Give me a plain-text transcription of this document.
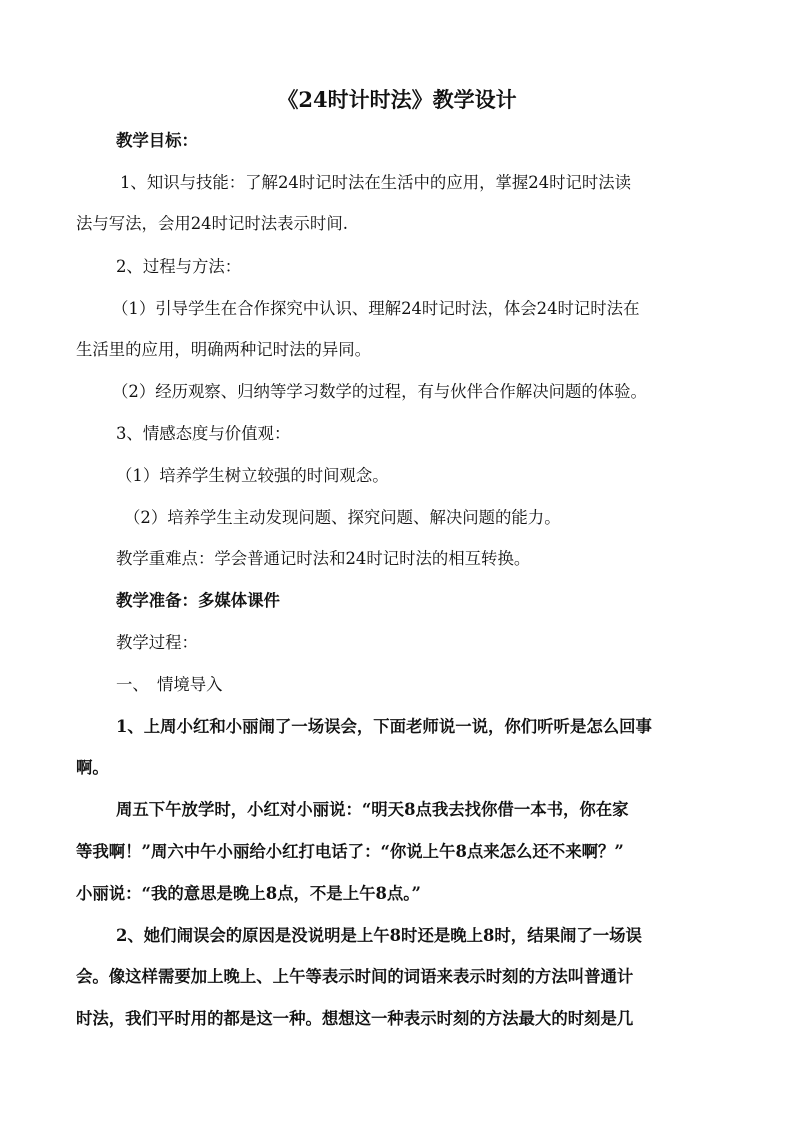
《24时计时法》教学设计

教学目标：

1、知识与技能：了解24时记时法在生活中的应用，掌握24时记时法读

法与写法，会用24时记时法表示时间.

2、过程与方法：

（1）引导学生在合作探究中认识、理解24时记时法，体会24时记时法在

生活里的应用，明确两种记时法的异同。

（2）经历观察、归纳等学习数学的过程，有与伙伴合作解决问题的体验。

3、情感态度与价值观：

（1）培养学生树立较强的时间观念。

（2）培养学生主动发现问题、探究问题、解决问题的能力。

教学重难点：学会普通记时法和24时记时法的相互转换。

教学准备：多媒体课件

教学过程：

一、　情境导入

1、上周小红和小丽闹了一场误会，下面老师说一说，你们听听是怎么回事

啊。

周五下午放学时，小红对小丽说：“明天8点我去找你借一本书，你在家

等我啊！”周六中午小丽给小红打电话了：“你说上午8点来怎么还不来啊？”

小丽说：“我的意思是晚上8点，不是上午8点。”

2、她们闹误会的原因是没说明是上午8时还是晚上8时，结果闹了一场误

会。像这样需要加上晚上、上午等表示时间的词语来表示时刻的方法叫普通计

时法，我们平时用的都是这一种。想想这一种表示时刻的方法最大的时刻是几
